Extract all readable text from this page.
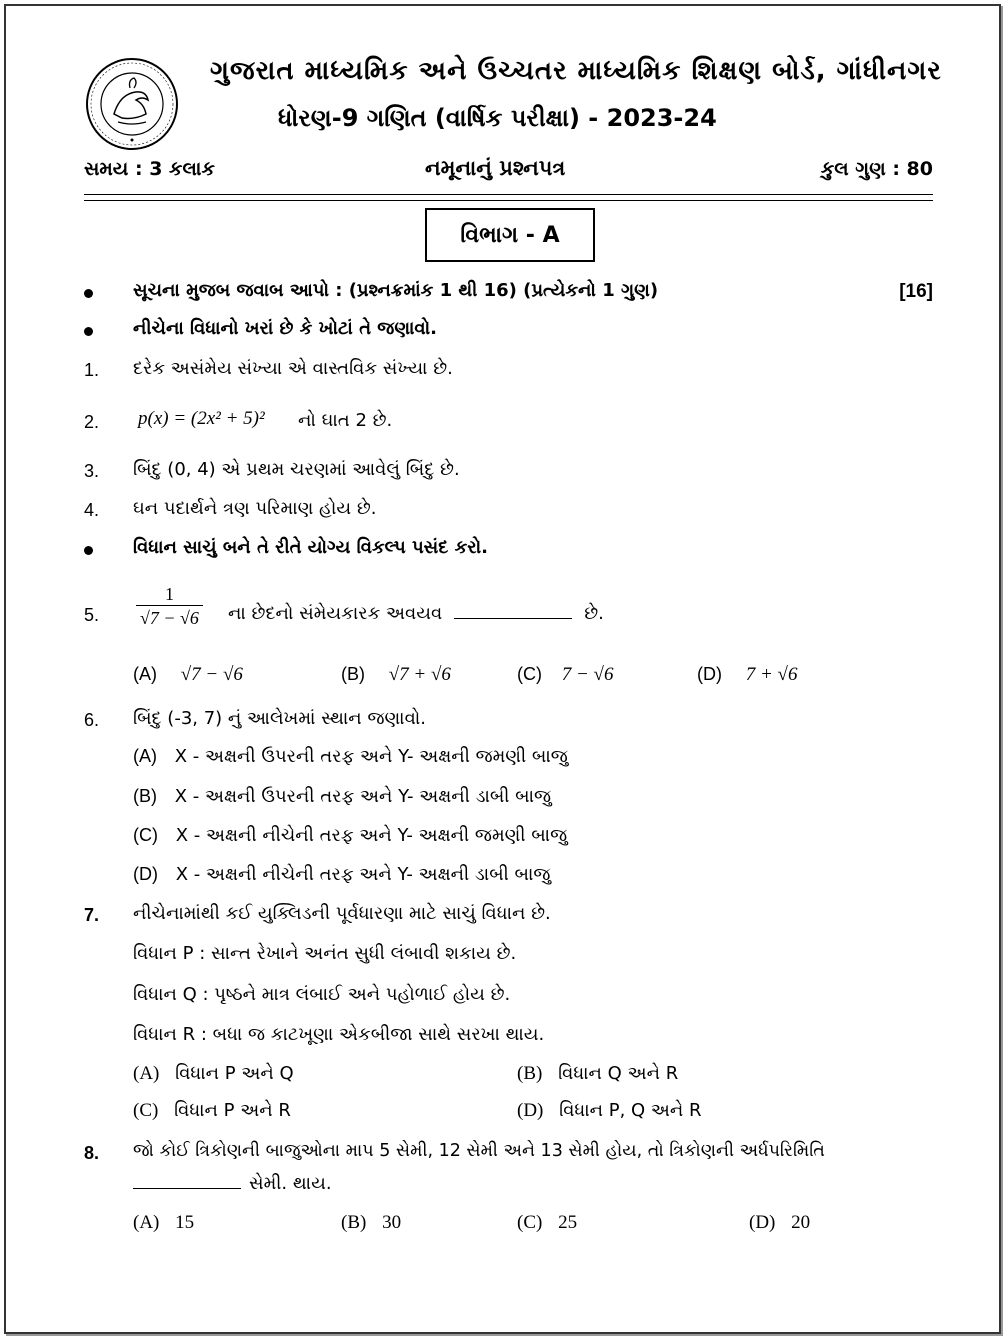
ગુજરાત માધ્યમિક અને ઉચ્ચતર માધ્યમિક શિક્ષણ બોર્ડ, ગાંધીનગર
ધોરણ-9 ગણિત (વાર્ષિક પરીક્ષા) - 2023-24
સમય : 3 કલાક	નમૂનાનું પ્રશ્નપત્ર	કુલ ગુણ : 80
વિભાગ - A
સૂચના મુજબ જવાબ આપો : (પ્રશ્નક્રમાંક 1 થી 16) (પ્રત્યેકનો 1 ગુણ)	[16]
નીચેના વિધાનો ખરાં છે કે ખોટાં તે જણાવો.
1. દરેક અસંમેય સંખ્યા એ વાસ્તવિક સંખ્યા છે.
2. p(x) = (2x² + 5)² નો ઘાત 2 છે.
3. બિંદુ (0, 4) એ પ્રથમ ચરણમાં આવેલું બિંદુ છે.
4. ઘન પદાર્થને ત્રણ પરિમાણ હોય છે.
વિધાન સાચું બને તે રીતે યોગ્ય વિકલ્પ પસંદ કરો.
5. $\frac{1}{√7 - √6}$ ના છેદનો સંમેયકારક અવયવ	છે.
(A) √7 − √6	(B) √7 + √6	(C) 7 − √6	(D) 7 + √6
6. બિંદુ (-3, 7) નું આલેખમાં સ્થાન જણાવો.
(A) X - અક્ષની ઉપરની તરફ અને Y- અક્ષની જમણી બાજુ
(B) X - અક્ષની ઉપરની તરફ અને Y- અક્ષની ડાબી બાજુ
(C) X - અક્ષની નીચેની તરફ અને Y- અક્ષની જમણી બાજુ
(D) X - અક્ષની નીચેની તરફ અને Y- અક્ષની ડાબી બાજુ
7. નીચેનામાંથી કઈ યુક્લિડની પૂર્વધારણા માટે સાચું વિધાન છે.
વિધાન P : સાન્ત રેખાને અનંત સુધી લંબાવી શકાય છે.
વિધાન Q : પૃષ્ઠને માત્ર લંબાઈ અને પહોળાઈ હોય છે.
વિધાન R : બધા જ કાટખૂણા એકબીજા સાથે સરખા થાય.
(A) વિધાન P અને Q	(B) વિધાન Q અને R
(C) વિધાન P અને R	(D) વિધાન P, Q અને R
8. જો કોઈ ત્રિકોણની બાજુઓના માપ 5 સેમી, 12 સેમી અને 13 સેમી હોય, તો ત્રિકોણની અર્ધપરિમિતિ
સેમી. થાય.
(A) 15	(B) 30	(C) 25	(D) 20
